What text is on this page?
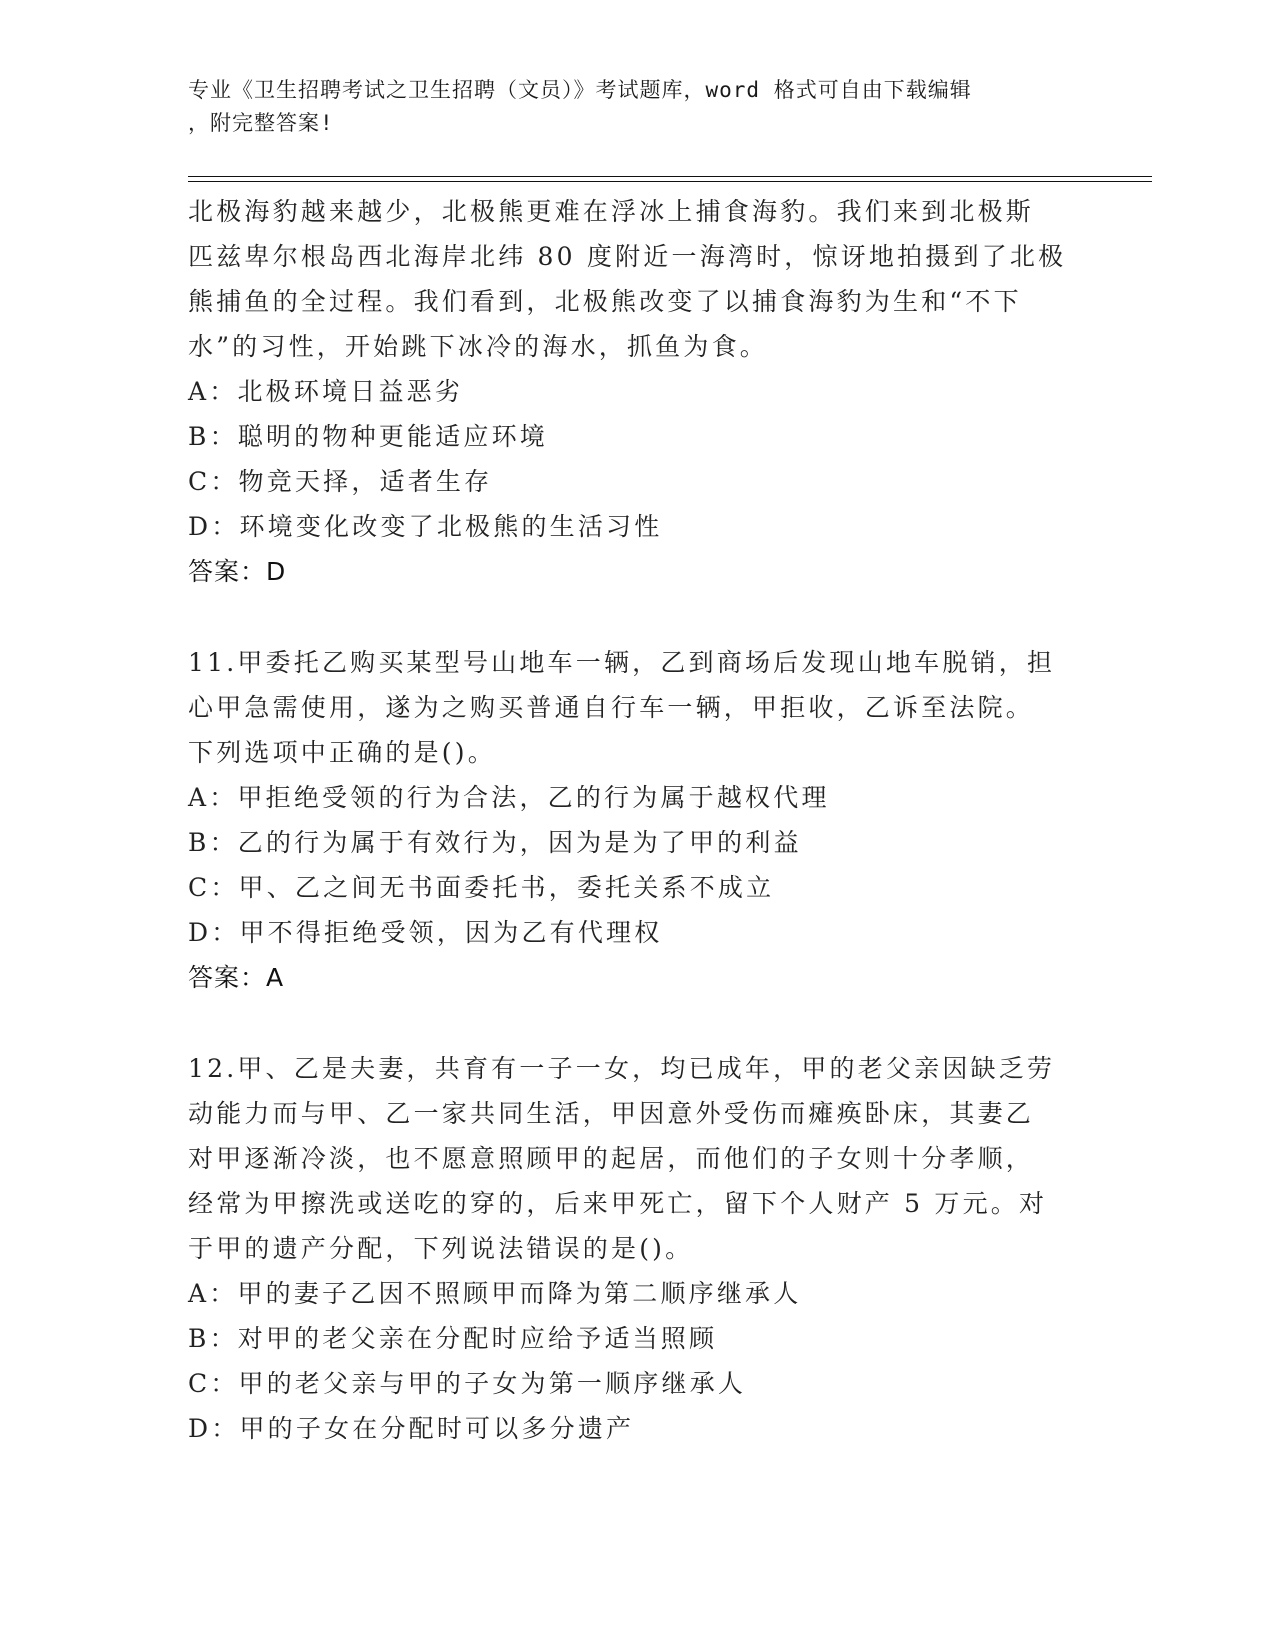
专业《卫生招聘考试之卫生招聘（文员）》考试题库，word 格式可自由下载编辑
，附完整答案!

北极海豹越来越少，北极熊更难在浮冰上捕食海豹。我们来到北极斯

匹兹卑尔根岛西北海岸北纬 80 度附近一海湾时，惊讶地拍摄到了北极

熊捕鱼的全过程。我们看到，北极熊改变了以捕食海豹为生和“不下

水”的习性，开始跳下冰冷的海水，抓鱼为食。

A：北极环境日益恶劣

B：聪明的物种更能适应环境

C：物竞天择，适者生存

D：环境变化改变了北极熊的生活习性

答案：D

11.甲委托乙购买某型号山地车一辆，乙到商场后发现山地车脱销，担

心甲急需使用，遂为之购买普通自行车一辆，甲拒收，乙诉至法院。

下列选项中正确的是()。

A：甲拒绝受领的行为合法，乙的行为属于越权代理

B：乙的行为属于有效行为，因为是为了甲的利益

C：甲、乙之间无书面委托书，委托关系不成立

D：甲不得拒绝受领，因为乙有代理权

答案：A

12.甲、乙是夫妻，共育有一子一女，均已成年，甲的老父亲因缺乏劳

动能力而与甲、乙一家共同生活，甲因意外受伤而瘫痪卧床，其妻乙

对甲逐渐冷淡，也不愿意照顾甲的起居，而他们的子女则十分孝顺，

经常为甲擦洗或送吃的穿的，后来甲死亡，留下个人财产 5 万元。对

于甲的遗产分配，下列说法错误的是()。

A：甲的妻子乙因不照顾甲而降为第二顺序继承人

B：对甲的老父亲在分配时应给予适当照顾

C：甲的老父亲与甲的子女为第一顺序继承人

D：甲的子女在分配时可以多分遗产
